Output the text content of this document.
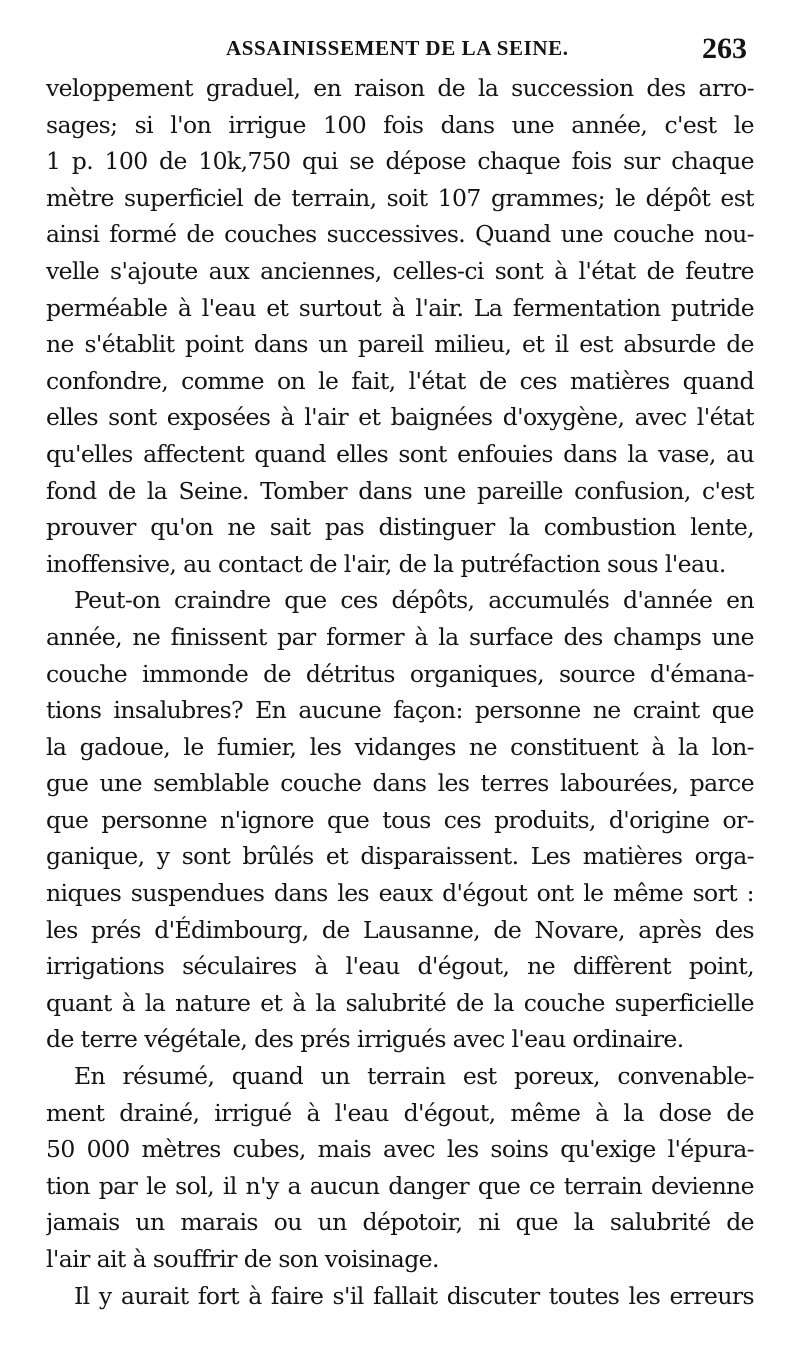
ASSAINISSEMENT DE LA SEINE.	263
veloppement graduel, en raison de la succession des arro-
sages; si l'on irrigue 100 fois dans une année, c'est le
1 p. 100 de 10k,750 qui se dépose chaque fois sur chaque
mètre superficiel de terrain, soit 107 grammes; le dépôt est
ainsi formé de couches successives. Quand une couche nou-
velle s'ajoute aux anciennes, celles-ci sont à l'état de feutre
perméable à l'eau et surtout à l'air. La fermentation putride
ne s'établit point dans un pareil milieu, et il est absurde de
confondre, comme on le fait, l'état de ces matières quand
elles sont exposées à l'air et baignées d'oxygène, avec l'état
qu'elles affectent quand elles sont enfouies dans la vase, au
fond de la Seine. Tomber dans une pareille confusion, c'est
prouver qu'on ne sait pas distinguer la combustion lente,
inoffensive, au contact de l'air, de la putréfaction sous l'eau.
Peut-on craindre que ces dépôts, accumulés d'année en
année, ne finissent par former à la surface des champs une
couche immonde de détritus organiques, source d'émana-
tions insalubres? En aucune façon: personne ne craint que
la gadoue, le fumier, les vidanges ne constituent à la lon-
gue une semblable couche dans les terres labourées, parce
que personne n'ignore que tous ces produits, d'origine or-
ganique, y sont brûlés et disparaissent. Les matières orga-
niques suspendues dans les eaux d'égout ont le même sort :
les prés d'Édimbourg, de Lausanne, de Novare, après des
irrigations séculaires à l'eau d'égout, ne diffèrent point,
quant à la nature et à la salubrité de la couche superficielle
de terre végétale, des prés irrigués avec l'eau ordinaire.
En résumé, quand un terrain est poreux, convenable-
ment drainé, irrigué à l'eau d'égout, même à la dose de
50 000 mètres cubes, mais avec les soins qu'exige l'épura-
tion par le sol, il n'y a aucun danger que ce terrain devienne
jamais un marais ou un dépotoir, ni que la salubrité de
l'air ait à souffrir de son voisinage.
Il y aurait fort à faire s'il fallait discuter toutes les erreurs
